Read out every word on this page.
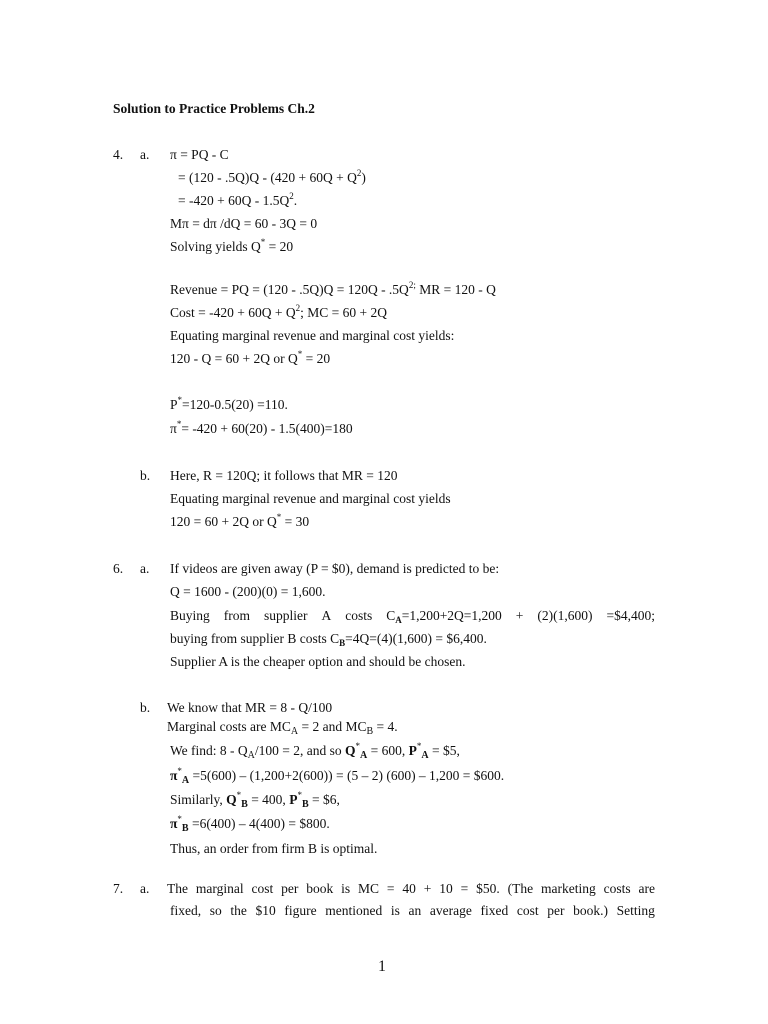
Solution to Practice Problems Ch.2
4. a. π = PQ - C
= $(120 - .5Q)Q - (420 + 60Q + Q^2)$
= $-420 + 60Q - 1.5Q^2$.
Mπ = dπ /dQ = 60 - 3Q = 0
Solving yields Q* = 20
Revenue = PQ = $(120 - .5Q)Q = 120Q - .5Q^{2;}$ MR = 120 - Q
Cost = $-420 + 60Q + Q^2$; MC = 60 + 2Q
Equating marginal revenue and marginal cost yields:
120 - Q = 60 + 2Q or Q* = 20
P*=120-0.5(20) =110.
π*= -420 + 60(20) - 1.5(400)=180
b. Here, R = 120Q; it follows that MR = 120
Equating marginal revenue and marginal cost yields
120 = 60 + 2Q or Q* = 30
6. a. If videos are given away (P = $0), demand is predicted to be:
Q = 1600 - (200)(0) = 1,600.
Buying from supplier A costs $C_A=1,200+2Q=1,200 + (2)(1,600)$ =$4,400;
buying from supplier B costs $C_B=4Q=(4)(1,600)$ = $6,400.
Supplier A is the cheaper option and should be chosen.
b. We know that MR = 8 - Q/100
Marginal costs are $MC_A = 2$ and $MC_B = 4$.
We find: $8 - Q_A/100 = 2$, and so $Q^*_A = 600$, $P^*_A$ = $5,
$\pi^*_A =5(600) - (1,200+2(600)) = (5 - 2)$ (600) – 1,200 = $600.
Similarly, $Q^*_B = 400$, $P^*_B$ = $6,
$\pi^*_B =6(400) - 4(400)$ = $800.
Thus, an order from firm B is optimal.
7. a. The marginal cost per book is MC = 40 + 10 = $50. (The marketing costs are
fixed, so the $10 figure mentioned is an average fixed cost per book.) Setting
1
